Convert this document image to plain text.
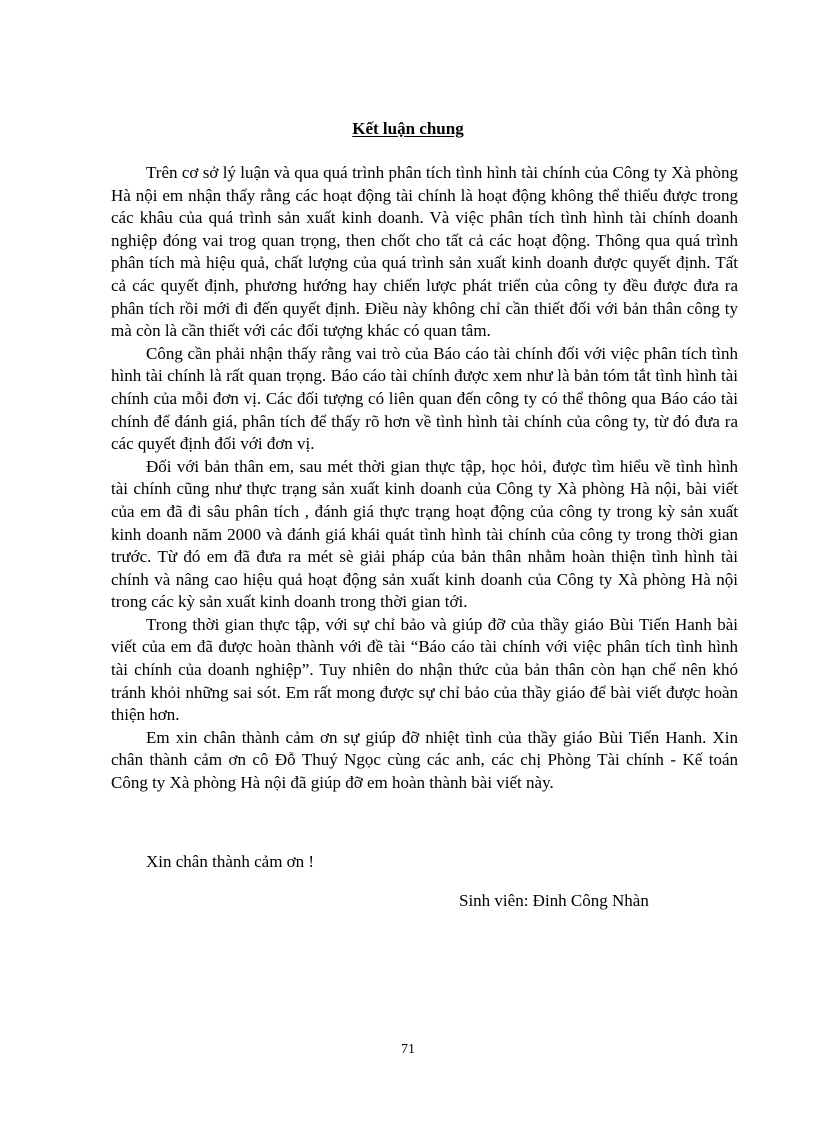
Kết luận chung

Trên cơ sở lý luận và qua quá trình phân tích tình hình tài chính của Công ty Xà phòng Hà nội em nhận thấy rằng các hoạt động tài chính là hoạt động không thể thiếu được trong các khâu của quá trình sản xuất kinh doanh. Và việc phân tích tình hình tài chính doanh nghiệp đóng vai trog quan trọng, then chốt cho tất cả các hoạt động. Thông qua quá trình phân tích mà hiệu quả, chất lượng của quá trình sản xuất kinh doanh được quyết định. Tất cả các quyết định, phương hướng hay chiến lược phát triển của công ty đều được đưa ra phân tích rồi mới đi đến quyết định. Điều này không chỉ cần thiết đối với bản thân công ty mà còn là cần thiết với các đối tượng khác có quan tâm.

Công cần phải nhận thấy rằng vai trò của Báo cáo tài chính đối với việc phân tích tình hình tài chính là rất quan trọng. Báo cáo tài chính được xem như là bản tóm tắt tình hình tài chính của mỗi đơn vị. Các đối tượng có liên quan đến công ty có thể thông qua Báo cáo tài chính để đánh giá, phân tích để thấy rõ hơn về tình hình tài chính của công ty, từ đó đưa ra các quyết định đối với đơn vị.

Đối với bản thân em, sau mét thời gian thực tập, học hỏi, được tìm hiểu về tình hình tài chính cũng như thực trạng sản xuất kinh doanh của Công ty Xà phòng Hà nội, bài viết của em đã đi sâu phân tích , đánh giá thực trạng hoạt động của công ty trong kỳ sản xuất kinh doanh năm 2000 và đánh giá khái quát tình hình tài chính của công ty trong thời gian trước. Từ đó em đã đưa ra mét sè giải pháp của bản thân nhằm hoàn thiện tình hình tài chính và nâng cao hiệu quả hoạt động sản xuất kinh doanh của Công ty Xà phòng Hà nội trong các kỳ sản xuất kinh doanh trong thời gian tới.

Trong thời gian thực tập, với sự chỉ bảo và giúp đỡ của thầy giáo Bùi Tiến Hanh bài viết của em đã được hoàn thành với đề tài “Báo cáo tài chính với việc phân tích tình hình tài chính của doanh nghiệp”. Tuy nhiên do nhận thức của bản thân còn hạn chế nên khó tránh khỏi những sai sót. Em rất mong được sự chỉ bảo của thầy giáo để bài viết được hoàn thiện hơn.

Em xin chân thành cảm ơn sự giúp đỡ nhiệt tình của thầy giáo Bùi Tiến Hanh. Xin chân thành cảm ơn cô Đỗ Thuý Ngọc cùng các anh, các chị Phòng Tài chính - Kế toán Công ty Xà phòng Hà nội đã giúp đỡ em hoàn thành bài viết này.

Xin chân thành cảm ơn !

Sinh viên: Đinh Công Nhàn

71
